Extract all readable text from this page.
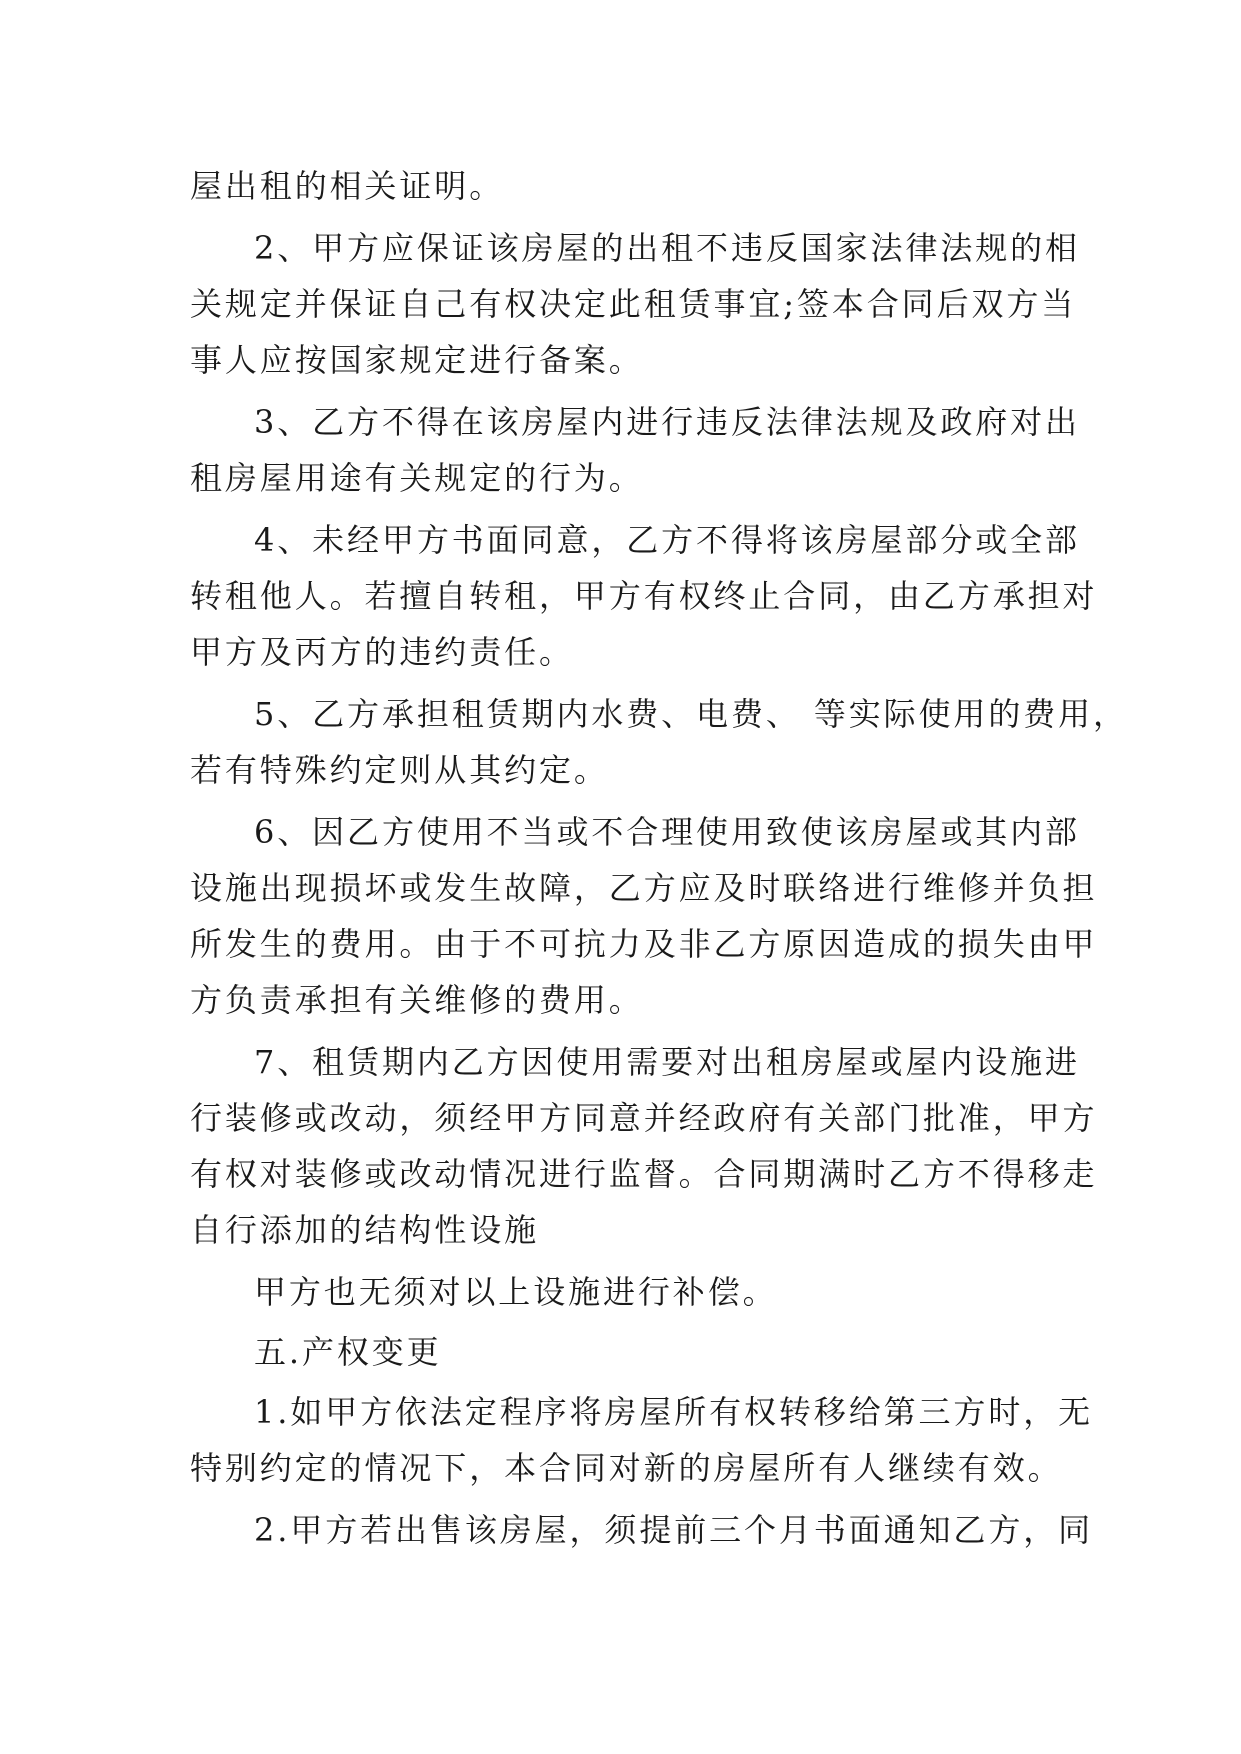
屋出租的相关证明。

2、甲方应保证该房屋的出租不违反国家法律法规的相

关规定并保证自己有权决定此租赁事宜;签本合同后双方当

事人应按国家规定进行备案。

3、乙方不得在该房屋内进行违反法律法规及政府对出

租房屋用途有关规定的行为。

4、未经甲方书面同意，乙方不得将该房屋部分或全部

转租他人。若擅自转租，甲方有权终止合同，由乙方承担对

甲方及丙方的违约责任。

5、乙方承担租赁期内水费、电费、 等实际使用的费用，

若有特殊约定则从其约定。

6、因乙方使用不当或不合理使用致使该房屋或其内部

设施出现损坏或发生故障，乙方应及时联络进行维修并负担

所发生的费用。由于不可抗力及非乙方原因造成的损失由甲

方负责承担有关维修的费用。

7、租赁期内乙方因使用需要对出租房屋或屋内设施进

行装修或改动，须经甲方同意并经政府有关部门批准，甲方

有权对装修或改动情况进行监督。合同期满时乙方不得移走

自行添加的结构性设施

甲方也无须对以上设施进行补偿。

五.产权变更

1.如甲方依法定程序将房屋所有权转移给第三方时，无

特别约定的情况下，本合同对新的房屋所有人继续有效。

2.甲方若出售该房屋，须提前三个月书面通知乙方，同
